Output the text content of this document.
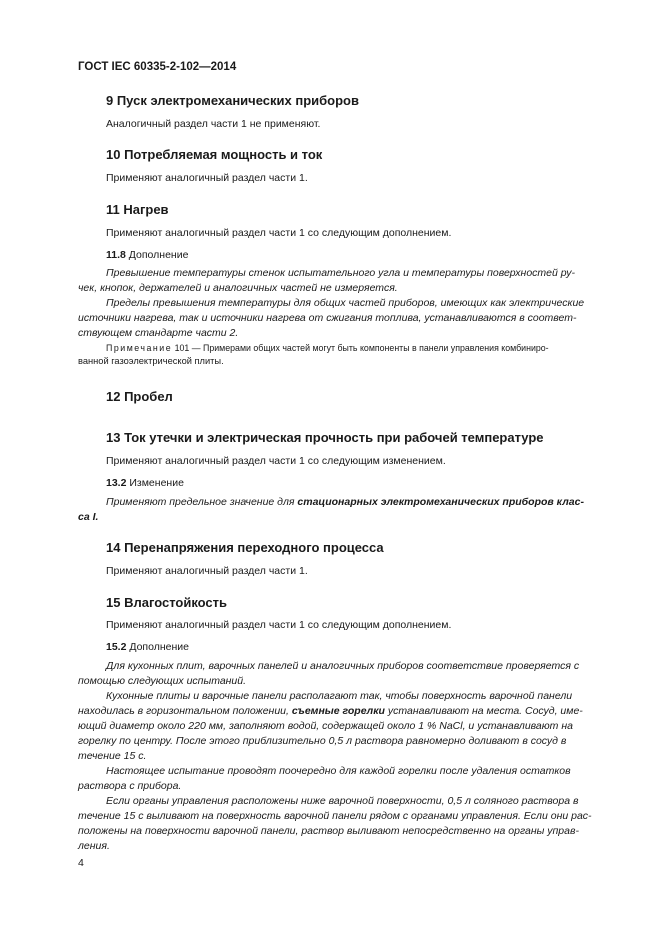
ГОСТ IEC 60335-2-102—2014
9 Пуск электромеханических приборов
Аналогичный раздел части 1 не применяют.
10 Потребляемая мощность и ток
Применяют аналогичный раздел части 1.
11 Нагрев
Применяют аналогичный раздел части 1 со следующим дополнением.
11.8 Дополнение
Превышение температуры стенок испытательного угла и температуры поверхностей ру-
чек, кнопок, держателей и аналогичных частей не измеряется.
Пределы превышения температуры для общих частей приборов, имеющих как электрические
источники нагрева, так и источники нагрева от сжигания топлива, устанавливаются в соответ-
ствующем стандарте части 2.
Примечание 101 — Примерами общих частей могут быть компоненты в панели управления комбиниро-
ванной газоэлектрической плиты.
12 Пробел
13 Ток утечки и электрическая прочность при рабочей температуре
Применяют аналогичный раздел части 1 со следующим изменением.
13.2 Изменение
Применяют предельное значение для стационарных электромеханических приборов клас-
са I.
14 Перенапряжения переходного процесса
Применяют аналогичный раздел части 1.
15 Влагостойкость
Применяют аналогичный раздел части 1 со следующим дополнением.
15.2 Дополнение
Для кухонных плит, варочных панелей и аналогичных приборов соответствие проверяется с
помощью следующих испытаний.
Кухонные плиты и варочные панели располагают так, чтобы поверхность варочной панели
находилась в горизонтальном положении, съемные горелки устанавливают на места. Сосуд, име-
ющий диаметр около 220 мм, заполняют водой, содержащей около 1 % NaCl, и устанавливают на
горелку по центру. После этого приблизительно 0,5 л раствора равномерно доливают в сосуд в
течение 15 с.
Настоящее испытание проводят поочередно для каждой горелки после удаления остатков
раствора с прибора.
Если органы управления расположены ниже варочной поверхности, 0,5 л соляного раствора в
течение 15 с выливают на поверхность варочной панели рядом с органами управления. Если они рас-
положены на поверхности варочной панели, раствор выливают непосредственно на органы управ-
ления.
4
